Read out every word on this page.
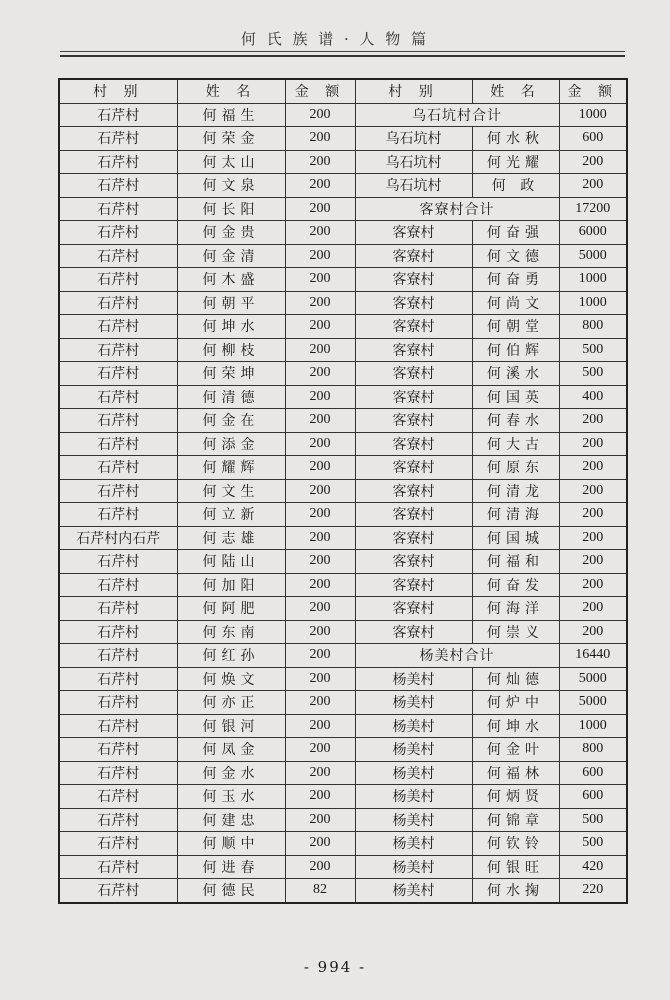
何 氏 族 谱 · 人 物 篇
村 别	姓 名	金 额	村 别	姓 名	金 额
石芹村	何福生	200	乌石坑村合计		1000
石芹村	何荣金	200	乌石坑村	何水秋	600
石芹村	何太山	200	乌石坑村	何光耀	200
石芹村	何文泉	200	乌石坑村	何 政	200
石芹村	何长阳	200	客寮村合计		17200
石芹村	何金贵	200	客寮村	何奋强	6000
石芹村	何金清	200	客寮村	何文德	5000
石芹村	何木盛	200	客寮村	何奋勇	1000
石芹村	何朝平	200	客寮村	何尚文	1000
石芹村	何坤水	200	客寮村	何朝堂	800
石芹村	何柳枝	200	客寮村	何伯辉	500
石芹村	何荣坤	200	客寮村	何溪水	500
石芹村	何清德	200	客寮村	何国英	400
石芹村	何金在	200	客寮村	何春水	200
石芹村	何添金	200	客寮村	何大古	200
石芹村	何耀辉	200	客寮村	何原东	200
石芹村	何文生	200	客寮村	何清龙	200
石芹村	何立新	200	客寮村	何清海	200
石芹村内石芹	何志雄	200	客寮村	何国城	200
石芹村	何陆山	200	客寮村	何福和	200
石芹村	何加阳	200	客寮村	何奋发	200
石芹村	何阿肥	200	客寮村	何海洋	200
石芹村	何东南	200	客寮村	何崇义	200
石芹村	何红孙	200	杨美村合计		16440
石芹村	何焕文	200	杨美村	何灿德	5000
石芹村	何亦正	200	杨美村	何炉中	5000
石芹村	何银河	200	杨美村	何坤水	1000
石芹村	何凤金	200	杨美村	何金叶	800
石芹村	何金水	200	杨美村	何福林	600
石芹村	何玉水	200	杨美村	何炳贤	600
石芹村	何建忠	200	杨美村	何锦章	500
石芹村	何顺中	200	杨美村	何钦铃	500
石芹村	何进春	200	杨美村	何银旺	420
石芹村	何德民	82	杨美村	何水掬	220
- 994 -
